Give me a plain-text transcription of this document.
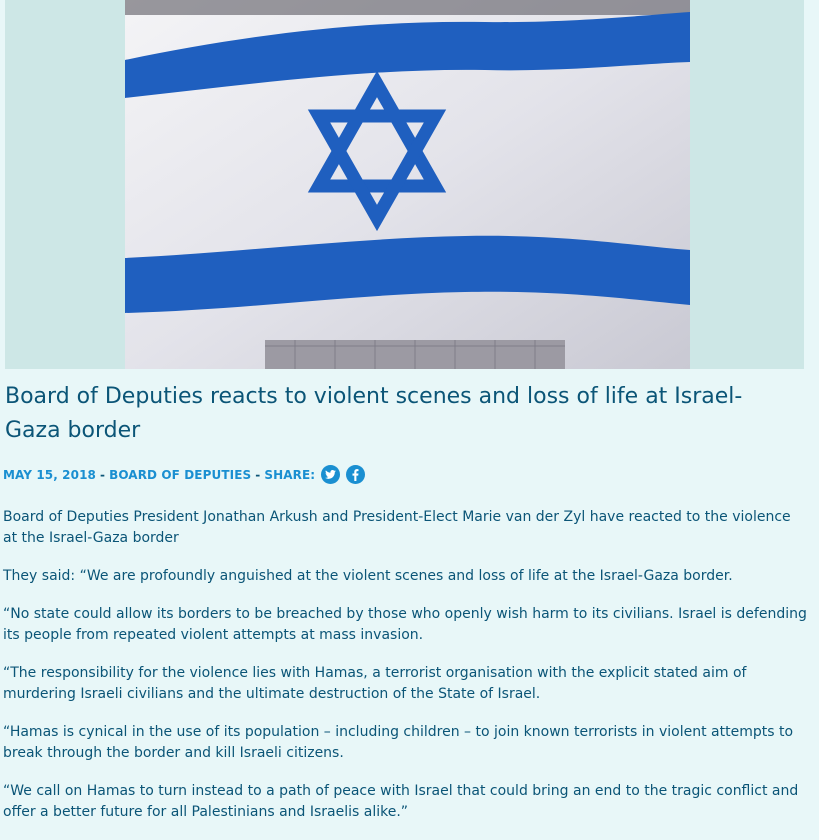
Board of Deputies reacts to violent scenes and loss of life at Israel-Gaza border
MAY 15, 2018 - BOARD OF DEPUTIES - SHARE:

Board of Deputies President Jonathan Arkush and President-Elect Marie van der Zyl have reacted to the violence at the Israel-Gaza border

They said: “We are profoundly anguished at the violent scenes and loss of life at the Israel-Gaza border.

“No state could allow its borders to be breached by those who openly wish harm to its civilians. Israel is defending its people from repeated violent attempts at mass invasion.

“The responsibility for the violence lies with Hamas, a terrorist organisation with the explicit stated aim of murdering Israeli civilians and the ultimate destruction of the State of Israel.

“Hamas is cynical in the use of its population – including children – to join known terrorists in violent attempts to break through the border and kill Israeli citizens.

“We call on Hamas to turn instead to a path of peace with Israel that could bring an end to the tragic conflict and offer a better future for all Palestinians and Israelis alike.”
